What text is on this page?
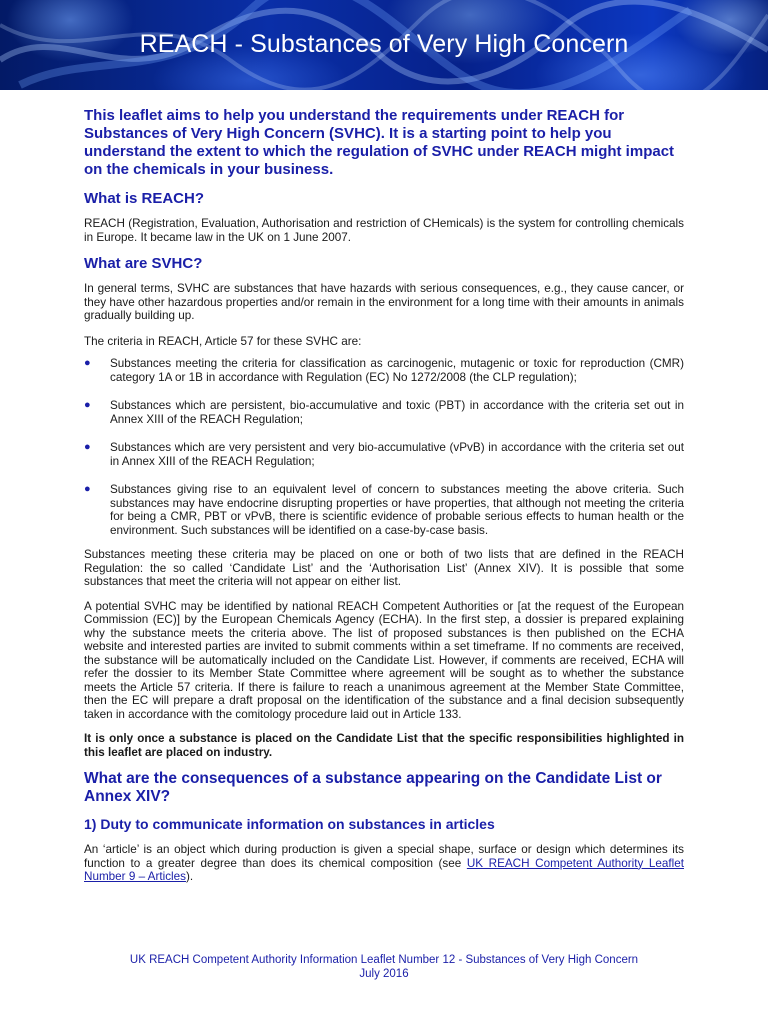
REACH - Substances of Very High Concern
This leaflet aims to help you understand the requirements under REACH for Substances of Very High Concern (SVHC). It is a starting point to help you understand the extent to which the regulation of SVHC under REACH might impact on the chemicals in your business.
What is REACH?

REACH (Registration, Evaluation, Authorisation and restriction of CHemicals) is the system for controlling chemicals in Europe. It became law in the UK on 1 June 2007.

What are SVHC?

In general terms, SVHC are substances that have hazards with serious consequences, e.g., they cause cancer, or they have other hazardous properties and/or remain in the environment for a long time with their amounts in animals gradually building up.

The criteria in REACH, Article 57 for these SVHC are:

● Substances meeting the criteria for classification as carcinogenic, mutagenic or toxic for reproduction (CMR) category 1A or 1B in accordance with Regulation (EC) No 1272/2008 (the CLP regulation);
● Substances which are persistent, bio-accumulative and toxic (PBT) in accordance with the criteria set out in Annex XIII of the REACH Regulation;
● Substances which are very persistent and very bio-accumulative (vPvB) in accordance with the criteria set out in Annex XIII of the REACH Regulation;
● Substances giving rise to an equivalent level of concern to substances meeting the above criteria. Such substances may have endocrine disrupting properties or have properties, that although not meeting the criteria for being a CMR, PBT or vPvB, there is scientific evidence of probable serious effects to human health or the environment. Such substances will be identified on a case-by-case basis.

Substances meeting these criteria may be placed on one or both of two lists that are defined in the REACH Regulation: the so called ‘Candidate List’ and the ‘Authorisation List’ (Annex XIV). It is possible that some substances that meet the criteria will not appear on either list.

A potential SVHC may be identified by national REACH Competent Authorities or [at the request of the European Commission (EC)] by the European Chemicals Agency (ECHA). In the first step, a dossier is prepared explaining why the substance meets the criteria above. The list of proposed substances is then published on the ECHA website and interested parties are invited to submit comments within a set timeframe. If no comments are received, the substance will be automatically included on the Candidate List. However, if comments are received, ECHA will refer the dossier to its Member State Committee where agreement will be sought as to whether the substance meets the Article 57 criteria. If there is failure to reach a unanimous agreement at the Member State Committee, then the EC will prepare a draft proposal on the identification of the substance and a final decision subsequently taken in accordance with the comitology procedure laid out in Article 133.

It is only once a substance is placed on the Candidate List that the specific responsibilities highlighted in this leaflet are placed on industry.

What are the consequences of a substance appearing on the Candidate List or Annex XIV?
1) Duty to communicate information on substances in articles

An ‘article’ is an object which during production is given a special shape, surface or design which determines its function to a greater degree than does its chemical composition (see UK REACH Competent Authority Leaflet Number 9 – Articles).

UK REACH Competent Authority Information Leaflet Number 12 - Substances of Very High Concern
July 2016
